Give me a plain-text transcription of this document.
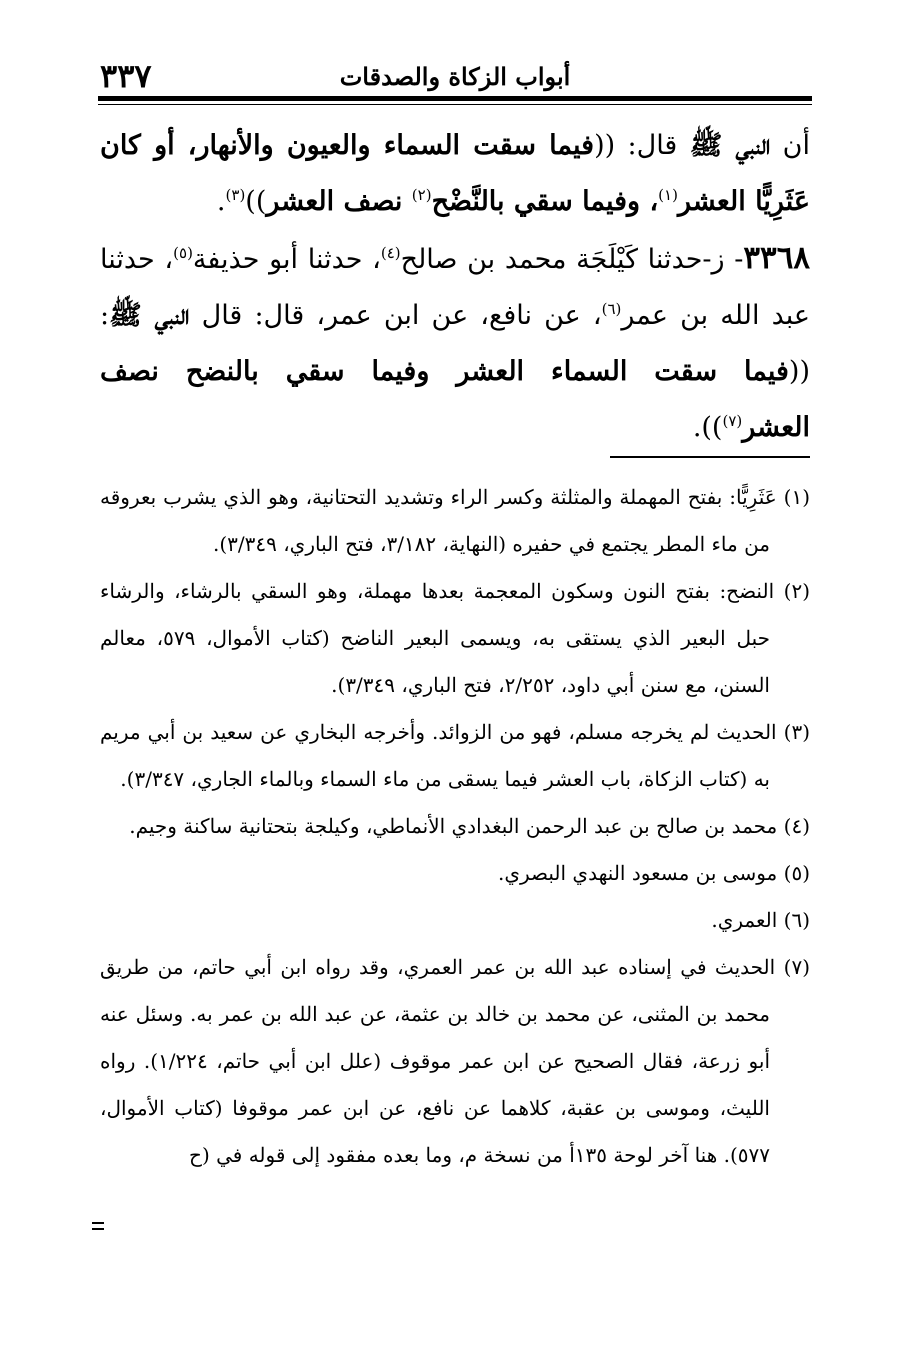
٣٣٧	أبواب الزكاة والصدقات

أن النبي ﷺ قال: ((فيما سقت السماء والعيون والأنهار، أو كان عَثَرِيًّا العشر$^{(١)}$، وفيما سقي بالنَّضْح$^{(٢)}$ نصف العشر))$^{(٣)}$.

٣٣٦٨- ز-حدثنا كَيْلَجَة محمد بن صالح$^{(٤)}$، حدثنا أبو حذيفة$^{(٥)}$، حدثنا عبد الله بن عمر$^{(٦)}$، عن نافع، عن ابن عمر، قال: قال النبي ﷺ: ((فيما سقت السماء العشر وفيما سقي بالنضح نصف العشر$^{(٧)}$)).

(١) عَثَرِيًّا: بفتح المهملة والمثلثة وكسر الراء وتشديد التحتانية، وهو الذي يشرب بعروقه من ماء المطر يجتمع في حفيره (النهاية، ٣/١٨٢، فتح الباري، ٣/٣٤٩).

(٢) النضح: بفتح النون وسكون المعجمة بعدها مهملة، وهو السقي بالرشاء، والرشاء حبل البعير الذي يستقى به، ويسمى البعير الناضح (كتاب الأموال، ٥٧٩، معالم السنن، مع سنن أبي داود، ٢/٢٥٢، فتح الباري، ٣/٣٤٩).

(٣) الحديث لم يخرجه مسلم، فهو من الزوائد. وأخرجه البخاري عن سعيد بن أبي مريم به (كتاب الزكاة، باب العشر فيما يسقى من ماء السماء وبالماء الجاري، ٣/٣٤٧).

(٤) محمد بن صالح بن عبد الرحمن البغدادي الأنماطي، وكيلجة بتحتانية ساكنة وجيم.

(٥) موسى بن مسعود النهدي البصري.

(٦) العمري.

(٧) الحديث في إسناده عبد الله بن عمر العمري، وقد رواه ابن أبي حاتم، من طريق محمد بن المثنى، عن محمد بن خالد بن عثمة، عن عبد الله بن عمر به. وسئل عنه أبو زرعة، فقال الصحيح عن ابن عمر موقوف (علل ابن أبي حاتم، ١/٢٢٤). رواه الليث، وموسى بن عقبة، كلاهما عن نافع، عن ابن عمر موقوفا (كتاب الأموال، ٥٧٧). هنا آخر لوحة ١٣٥أ من نسخة م، وما بعده مفقود إلى قوله في (ح
